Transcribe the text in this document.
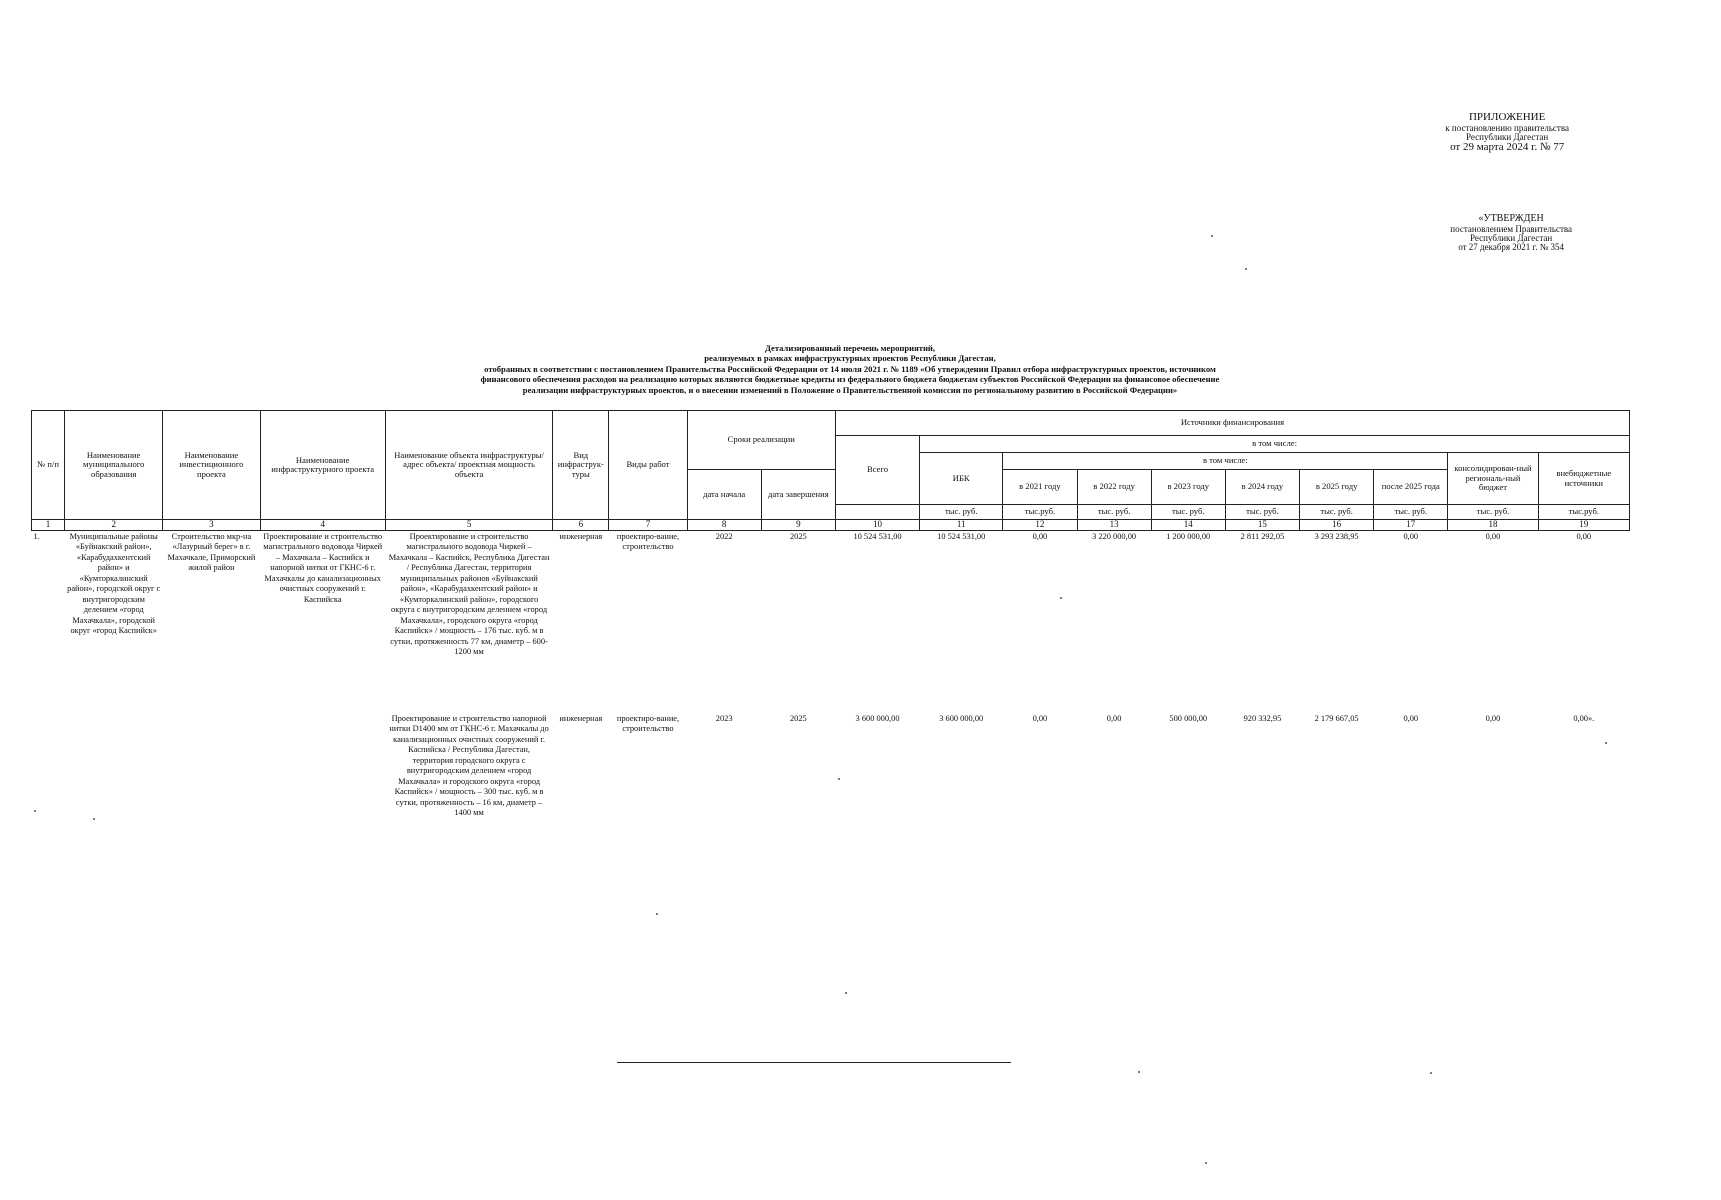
ПРИЛОЖЕНИЕ
к постановлению правительства
Республики Дагестан
от 29 марта 2024 г. № 77
«УТВЕРЖДЕН
постановлением Правительства
Республики Дагестан
от 27 декабря 2021 г. № 354
Детализированный перечень мероприятий,
реализуемых в рамках инфраструктурных проектов Республики Дагестан,
отобранных в соответствии с постановлением Правительства Российской Федерации от 14 июля 2021 г. № 1189 «Об утверждении Правил отбора инфраструктурных проектов, источником
финансового обеспечения расходов на реализацию которых являются бюджетные кредиты из федерального бюджета бюджетам субъектов Российской Федерации на финансовое обеспечение
реализации инфраструктурных проектов, и о внесении изменений в Положение о Правительственной комиссии по региональному развитию в Российской Федерации»
№ п/п	Наименование муниципального образования	Наименование инвестиционного проекта	Наименование инфраструктурного проекта	Наименование объекта инфраструктуры/адрес объекта/ проектная мощность объекта	Вид инфраструк-туры	Виды работ	Сроки реализации		Источники финансирования									
									Всего	в том числе:								
										ИБК	в том числе:						консолидирован-ный региональ-ный бюджет	внебюджетные источники
							дата начала	дата завершения			в 2021 году	в 2022 году	в 2023 году	в 2024 году	в 2025 году	после 2025 года		
										тыс. руб.	тыс.руб.	тыс. руб.	тыс. руб.	тыс. руб.	тыс. руб.	тыс. руб.	тыс. руб.	тыс.руб.
1	2	3	4	5	6	7	8	9	10	11	12	13	14	15	16	17	18	19
1.	Муниципальные районы «Буйнакский район», «Карабудахкентский район» и «Кумторкалинский район», городской округ с внутригородским делением «город Махачкала», городской округ «город Каспийск»	Строительство мкр-на «Лазурный берег» в г. Махачкале, Приморский жилой район	Проектирование и строительство магистрального водовода Чиркей – Махачкала – Каспийск и напорной нитки от ГКНС-6 г. Махачкалы до канализационных очистных сооружений г. Каспийска	Проектирование и строительство магистрального водовода Чиркей – Махачкала – Каспийск, Республика Дагестан / Республика Дагестан, территория муниципальных районов «Буйнакский район», «Карабудахкентский район» и «Кумторкалинский район», городского округа с внутригородским делением «город Махачкала», городского округа «город Каспийск» / мощность – 176 тыс. куб. м в сутки, протяженность 77 км, диаметр – 600-1200 мм	инженерная	проектиро-вание, строительство	2022	2025	10 524 531,00	10 524 531,00	0,00	3 220 000,00	1 200 000,00	2 811 292,05	3 293 238,95	0,00	0,00	0,00

				Проектирование и строительство напорной нитки D1400 мм от ГКНС-6 г. Махачкалы до канализационных очистных сооружений г. Каспийска / Республика Дагестан, территория городского округа с внутригородским делением «город Махачкала» и городского округа «город Каспийск» / мощность – 300 тыс. куб. м в сутки, протяженность – 16 км, диаметр – 1400 мм	инженерная	проектиро-вание, строительство	2023	2025	3 600 000,00	3 600 000,00	0,00	0,00	500 000,00	920 332,95	2 179 667,05	0,00	0,00	0,00».
